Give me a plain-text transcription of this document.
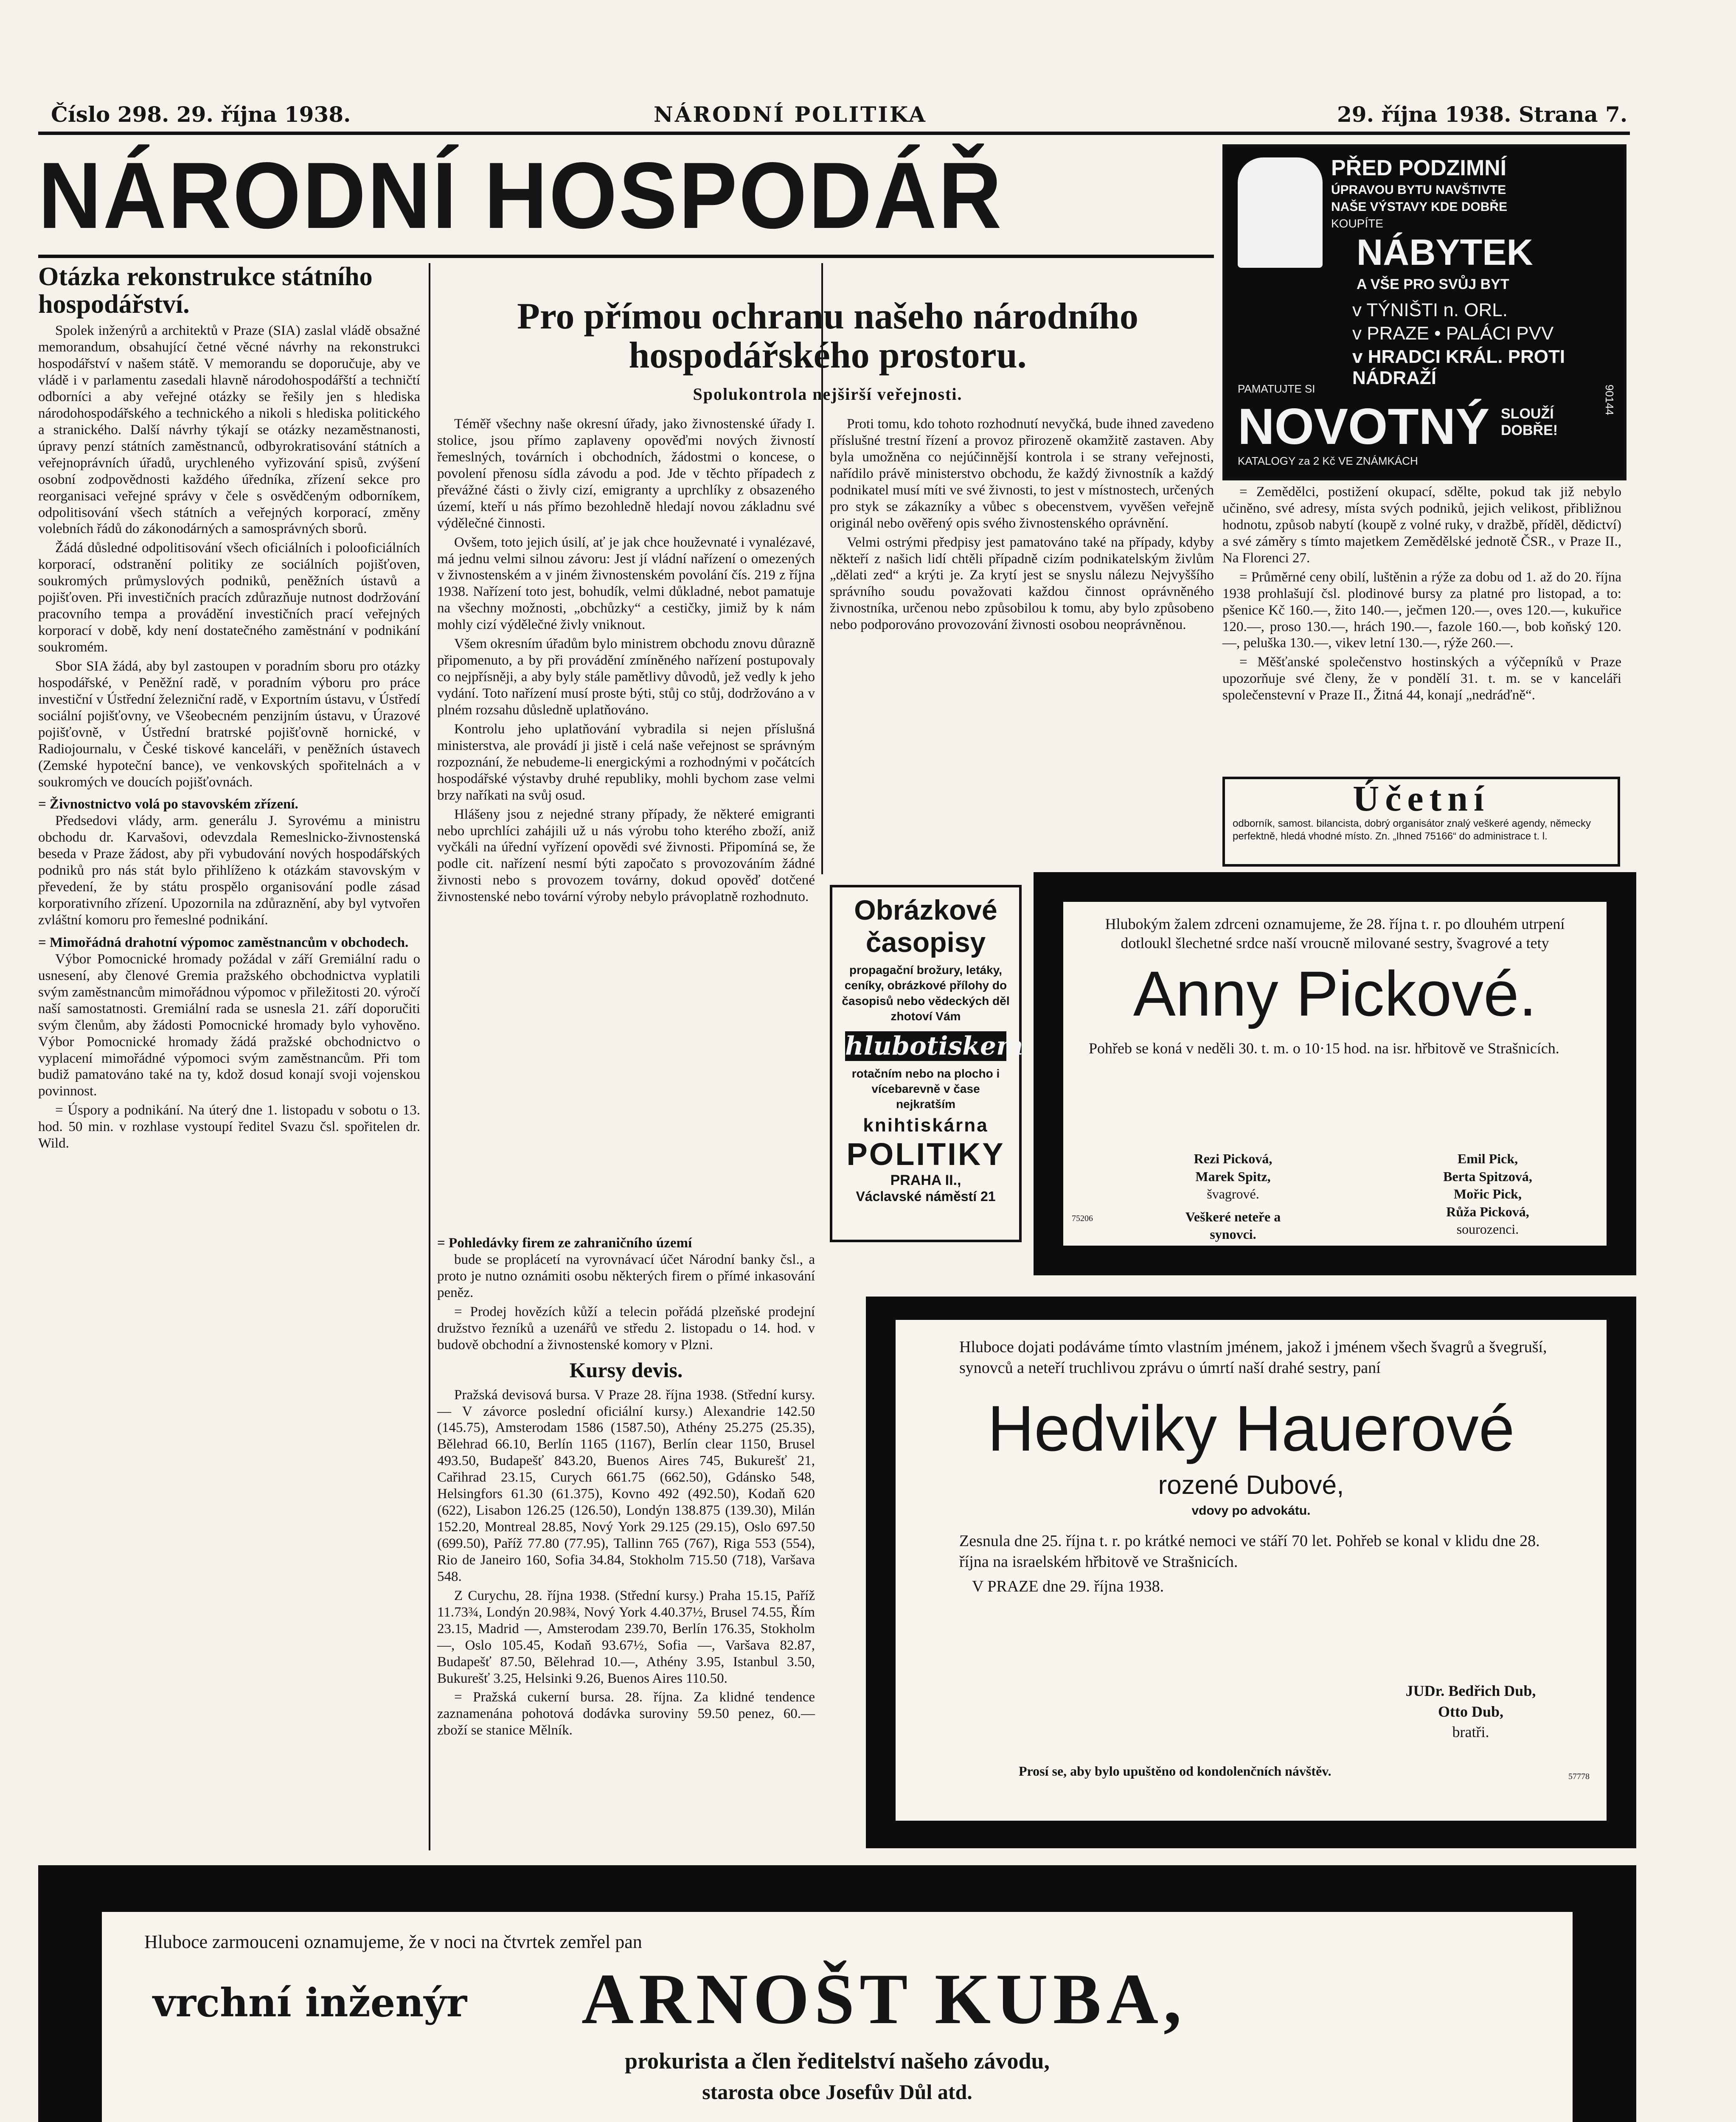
Číslo 298. 29. října 1938.	NÁRODNÍ POLITIKA	29. října 1938. Strana 7.
NÁRODNÍ HOSPODÁŘ
Otázka rekonstrukce státního hospodářství.

Spolek inženýrů a architektů v Praze (SIA) zaslal vládě obsažné memorandum, obsahující četné věcné návrhy na rekonstrukci hospodářství v našem státě. V memorandu se doporučuje, aby ve vládě i v parlamentu zasedali hlavně národohospodářští a techničtí odborníci a aby veřejné otázky se řešily jen s hlediska národohospodářského a technického a nikoli s hlediska politického a stranického. Další návrhy týkají se otázky nezaměstnanosti, úpravy penzí státních zaměstnanců, odbyrokratisování státních a veřejnoprávních úřadů, urychleného vyřizování spisů, zvýšení osobní zodpovědnosti každého úředníka, zřízení sekce pro reorganisaci veřejné správy v čele s osvědčeným odborníkem, odpolitisování všech státních a veřejných korporací, změny volebních řádů do zákonodárných a samosprávných sborů.

Žádá důsledné odpolitisování všech oficiálních i polooficiálních korporací, odstranění politiky ze sociálních pojišťoven, soukromých průmyslových podniků, peněžních ústavů a pojišťoven. Při investičních pracích zdůrazňuje nutnost dodržování pracovního tempa a provádění investičních prací veřejných korporací v době, kdy není dostatečného zaměstnání v podnikání soukromém.

Sbor SIA žádá, aby byl zastoupen v poradním sboru pro otázky hospodářské, v Peněžní radě, v poradním výboru pro práce investiční v Ústřední železniční radě, v Exportním ústavu, v Ústředí sociální pojišťovny, ve Všeobecném penzijním ústavu, v Úrazové pojišťovně, v Ústřední bratrské pojišťovně hornické, v Radiojournalu, v České tiskové kanceláři, v peněžních ústavech (Zemské hypoteční bance), ve venkovských spořitelnách a v soukromých ve doucích pojišťovnách.

= Živnostnictvo volá po stavovském zřízení.

Předsedovi vlády, arm. generálu J. Syrovému a ministru obchodu dr. Karvašovi, odevzdala Remeslnicko-živnostenská beseda v Praze žádost, aby při vybudování nových hospodářských podniků pro nás stát bylo přihlíženo k otázkám stavovským v převedení, že by státu prospělo organisování podle zásad korporativního zřízení. Upozornila na zdůraznění, aby byl vytvořen zvláštní komoru pro řemeslné podnikání.

= Mimořádná drahotní výpomoc zaměstnancům v obchodech.

Výbor Pomocnické hromady požádal v září Gremiální radu o usnesení, aby členové Gremia pražského obchodnictva vyplatili svým zaměstnancům mimořádnou výpomoc v přiležitosti 20. výročí naší samostatnosti. Gremiální rada se usnesla 21. září doporučiti svým členům, aby žádosti Pomocnické hromady bylo vyhověno. Výbor Pomocnické hromady žádá pražské obchodnictvo o vyplacení mimořádné výpomoci svým zaměstnancům. Při tom budiž pamatováno také na ty, kdož dosud konají svoji vojenskou povinnost.

= Úspory a podnikání. Na úterý dne 1. listopadu v sobotu o 13. hod. 50 min. v rozhlase vystoupí ředitel Svazu čsl. spořitelen dr. Wild.

Pro přímou ochranu našeho národního hospodářského prostoru.
Spolukontrola nejširší veřejnosti.

Téměř všechny naše okresní úřady, jako živnostenské úřady I. stolice, jsou přímo zaplaveny opověďmi nových živností řemeslných, továrních i obchodních, žádostmi o koncese, o povolení přenosu sídla závodu a pod. Jde v těchto případech z převážné části o živly cizí, emigranty a uprchlíky z obsazeného území, kteří u nás přímo bezohledně hledají novou základnu své výdělečné činnosti.

Ovšem, toto jejich úsilí, ať je jak chce houževnaté i vynalézavé, má jednu velmi silnou závoru: Jest jí vládní nařízení o omezených v živnostenském a v jiném živnostenském povolání čís. 219 z října 1938. Nařízení toto jest, bohudík, velmi důkladné, nebot pamatuje na všechny možnosti, „obchůzky“ a cestičky, jimiž by k nám mohly cizí výdělečné živly vniknout.

Všem okresním úřadům bylo ministrem obchodu znovu důrazně připomenuto, a by při provádění zmíněného nařízení postupovaly co nejpřísněji, a aby byly stále pamětlivy důvodů, jež vedly k jeho vydání. Toto nařízení musí proste býti, stůj co stůj, dodržováno a v plném rozsahu důsledně uplatňováno.

Kontrolu jeho uplatňování vybradila si nejen příslušná ministerstva, ale provádí ji jistě i celá naše veřejnost se správným rozpoznání, že nebudeme-li energickými a rozhodnými v počátcích hospodářské výstavby druhé republiky, mohli bychom zase velmi brzy naříkati na svůj osud.

Hlášeny jsou z nejedné strany případy, že některé emigranti nebo uprchlíci zahájili už u nás výrobu toho kterého zboží, aniž vyčkáli na úřední vyřízení opovědi své živnosti. Připomíná se, že podle cit. nařízení nesmí býti započato s provozováním žádné živnosti nebo s provozem továrny, dokud opověď dotčené živnostenské nebo tovární výroby nebylo právoplatně rozhodnuto.

Proti tomu, kdo tohoto rozhodnutí nevyčká, bude ihned zavedeno příslušné trestní řízení a provoz přirozeně okamžitě zastaven. Aby byla umožněna co nejúčinnější kontrola i se strany veřejnosti, nařídilo právě ministerstvo obchodu, že každý živnostník a každý podnikatel musí míti ve své živnosti, to jest v místnostech, určených pro styk se zákazníky a vůbec s obecenstvem, vyvěšen veřejně originál nebo ověřený opis svého živnostenského oprávnění.

Velmi ostrými předpisy jest pamatováno také na případy, kdyby někteří z našich lidí chtěli případně cizím podnikatelským živlům „dělati zed“ a krýti je. Za krytí jest se snyslu nálezu Nejvyššího správního soudu považovati každou činnost oprávněného živnostníka, určenou nebo způsobilou k tomu, aby bylo způsobeno nebo podporováno provozování živnosti osobou neoprávněnou.

= Pohledávky firem ze zahraničního území

bude se proplácetí na vyrovnávací účet Národní banky čsl., a proto je nutno oznámiti osobu některých firem o přímé inkasování peněz.

= Prodej hovězích kůží a telecin pořádá plzeňské prodejní družstvo řezníků a uzenářů ve středu 2. listopadu o 14. hod. v budově obchodní a živnostenské komory v Plzni.

Kursy devis.

Pražská devisová bursa. V Praze 28. října 1938. (Střední kursy. — V závorce poslední oficiální kursy.) Alexandrie 142.50 (145.75), Amsterodam 1586 (1587.50), Athény 25.275 (25.35), Bělehrad 66.10, Berlín 1165 (1167), Berlín clear 1150, Brusel 493.50, Budapešť 843.20, Buenos Aires 745, Bukurešť 21, Cařihrad 23.15, Curych 661.75 (662.50), Gdánsko 548, Helsingfors 61.30 (61.375), Kovno 492 (492.50), Kodaň 620 (622), Lisabon 126.25 (126.50), Londýn 138.875 (139.30), Milán 152.20, Montreal 28.85, Nový York 29.125 (29.15), Oslo 697.50 (699.50), Paříž 77.80 (77.95), Tallinn 765 (767), Riga 553 (554), Rio de Janeiro 160, Sofia 34.84, Stokholm 715.50 (718), Varšava 548.

Z Curychu, 28. října 1938. (Střední kursy.) Praha 15.15, Paříž 11.73¾, Londýn 20.98¾, Nový York 4.40.37½, Brusel 74.55, Řím 23.15, Madrid —, Amsterodam 239.70, Berlín 176.35, Stokholm —, Oslo 105.45, Kodaň 93.67½, Sofia —, Varšava 82.87, Budapešť 87.50, Bělehrad 10.—, Athény 3.95, Istanbul 3.50, Bukurešť 3.25, Helsinki 9.26, Buenos Aires 110.50.

= Pražská cukerní bursa. 28. října. Za klidné tendence zaznamenána pohotová dodávka suroviny 59.50 penez, 60.— zboží se stanice Mělník.

PŘED PODZIMNÍ
ÚPRAVOU BYTU NAVŠTIVTE
NAŠE VÝSTAVY KDE DOBŘE
KOUPÍTE
NÁBYTEK
A VŠE PRO SVŮJ BYT
v TÝNIŠTI n. ORL.
v PRAZE • PALÁCI PVV
v HRADCI KRÁL. PROTI NÁDRAŽÍ
PAMATUJTE SI
NOVOTNÝ SLOUŽÍ DOBŘE!
KATALOGY za 2 Kč VE ZNÁMKÁCH
90144

= Zemědělci, postižení okupací, sdělte, pokud tak již nebylo učiněno, své adresy, místa svých podniků, jejich velikost, přibližnou hodnotu, způsob nabytí (koupě z volné ruky, v dražbě, příděl, dědictví) a své záměry s tímto majetkem Zemědělské jednotě ČSR., v Praze II., Na Florenci 27.

= Průměrné ceny obilí, luštěnin a rýže za dobu od 1. až do 20. října 1938 prohlašují čsl. plodinové bursy za platné pro listopad, a to: pšenice Kč 160.—, žito 140.—, ječmen 120.—, oves 120.—, kukuřice 120.—, proso 130.—, hrách 190.—, fazole 160.—, bob koňský 120.—, peluška 130.—, vikev letní 130.—, rýže 260.—.

= Měšťanské společenstvo hostinských a výčepníků v Praze upozorňuje své členy, že v pondělí 31. t. m. se v kanceláři společenstevní v Praze II., Žitná 44, konají „nedráďně“.

Účetní
odborník, samost. bilancista, dobrý organisátor znalý veškeré agendy, německy perfektně, hledá vhodné místo. Zn. „Ihned 75166“ do administrace t. l.
Obrázkové
časopisy
propagační brožury, letáky, ceníky, obrázkové přílohy do časopisů nebo vědeckých děl zhotoví Vám
hlubotiskem
rotačním nebo na plocho i vícebarevně v čase nejkratším
knihtiskárna
POLITIKY
PRAHA II.,
Václavské náměstí 21
Hlubokým žalem zdrceni oznamujeme, že 28. října t. r. po dlouhém utrpení dotloukl šlechetné srdce naší vroucně milované sestry, švagrové a tety
Anny Pickové.
Pohřeb se koná v neděli 30. t. m. o 10·15 hod. na isr. hřbitově ve Strašnicích.
Rezi Picková,
Marek Spitz,
švagrové.
Veškeré neteře a synovci.
Emil Pick,
Berta Spitzová,
Mořic Pick,
Růža Picková,
sourozenci.
75206
Hluboce dojati podáváme tímto vlastním jménem, jakož i jménem všech švagrů a švegruší, synovců a neteří truchlivou zprávu o úmrtí naší drahé sestry, paní
Hedviky Hauerové
rozené Dubové,
vdovy po advokátu.
Zesnula dne 25. října t. r. po krátké nemoci ve stáří 70 let. Pohřeb se konal v klidu dne 28. října na israelském hřbitově ve Strašnicích.
V PRAZE dne 29. října 1938.
JUDr. Bedřich Dub,
Otto Dub,
bratři.
Prosí se, aby bylo upuštěno od kondolenčních návštěv.	57778
Hluboce zarmouceni oznamujeme, že v noci na čtvrtek zemřel pan
vrchní inženýr ARNOŠT KUBA,
prokurista a člen ředitelství našeho závodu,
starosta obce Josefův Důl atd.
